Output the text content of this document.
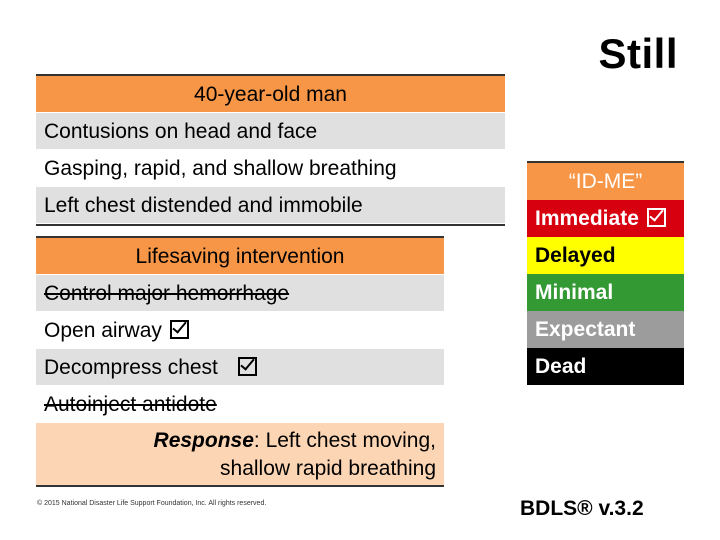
Still
40-year-old man
Contusions on head and face
Gasping, rapid, and shallow breathing
Left chest distended and immobile
Lifesaving intervention
Control major hemorrhage
Open airway
Decompress chest
Autoinject antidote
Response: Left chest moving,
shallow rapid breathing
“ID-ME”
Immediate
Delayed
Minimal
Expectant
Dead
© 2015 National Disaster Life Support Foundation, Inc. All rights reserved.	BDLS® v.3.2
